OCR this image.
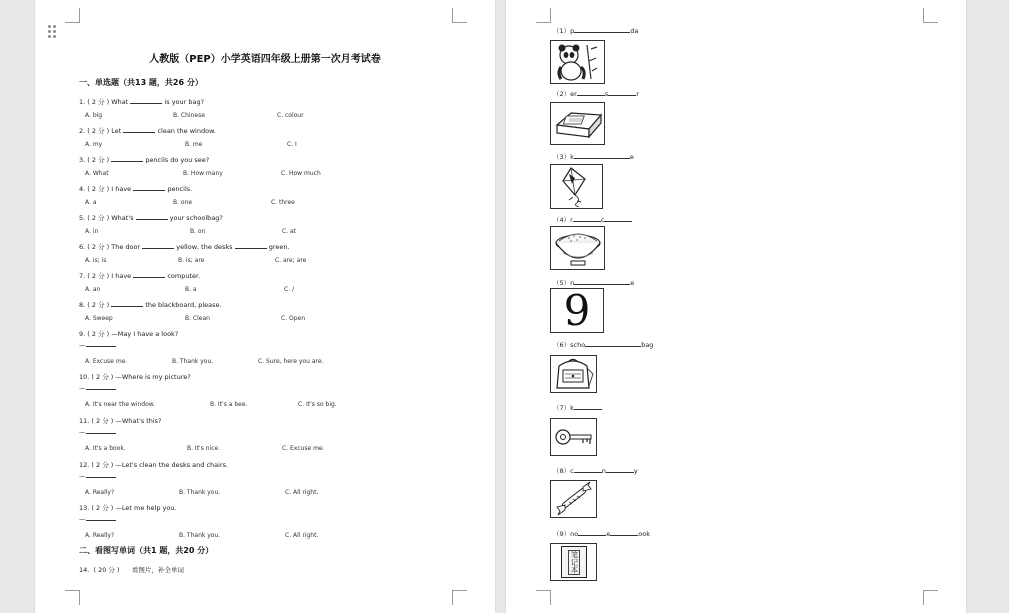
人教版（PEP）小学英语四年级上册第一次月考试卷
一、单选题（共13 题，共26 分）
1. ( 2 分 ) What	is your bag?
A. big	B. Chinese	C. colour
2. ( 2 分 ) Let	clean the window.
A. my	B. me	C. I
3. ( 2 分 )	pencils do you see?
A. What	B. How many	C. How much
4. ( 2 分 ) I have	pencils.
A. a	B. one	C. three
5. ( 2 分 ) What's	your schoolbag?
A. in	B. on	C. at
6. ( 2 分 ) The door	yellow, the desks	green.
A. is; is	B. is; are	C. are; are
7. ( 2 分 ) I have	computer.
A. an	B. a	C. /
8. ( 2 分 )	the blackboard, please.
A. Sweep	B. Clean	C. Open
9. ( 2 分 ) —May I have a look?
—
A. Excuse me.	B. Thank you.	C. Sure, here you are.
10. ( 2 分 ) —Where is my picture?
—
A. It's near the window.	B. It's a bee.	C. It's so big.
11. ( 2 分 ) —What's this?
—
A. It's a book.	B. It's nice.	C. Excuse me.
12. ( 2 分 ) —Let's clean the desks and chairs.
—
A. Really?	B. Thank you.	C. All right.
13. ( 2 分 ) —Let me help you.
—
A. Really?	B. Thank you.	C. All right.
二、看图写单词（共1 题，共20 分）
14.  ( 20 分 )      看图片，补全单词
（1）p	da
（2）er	s	r
（3）k	e
（4）r	c
（5）n	e
9
（6）scho	bag
（7）k
（8）c	n	y
（9）no	e	ook
笔记本
